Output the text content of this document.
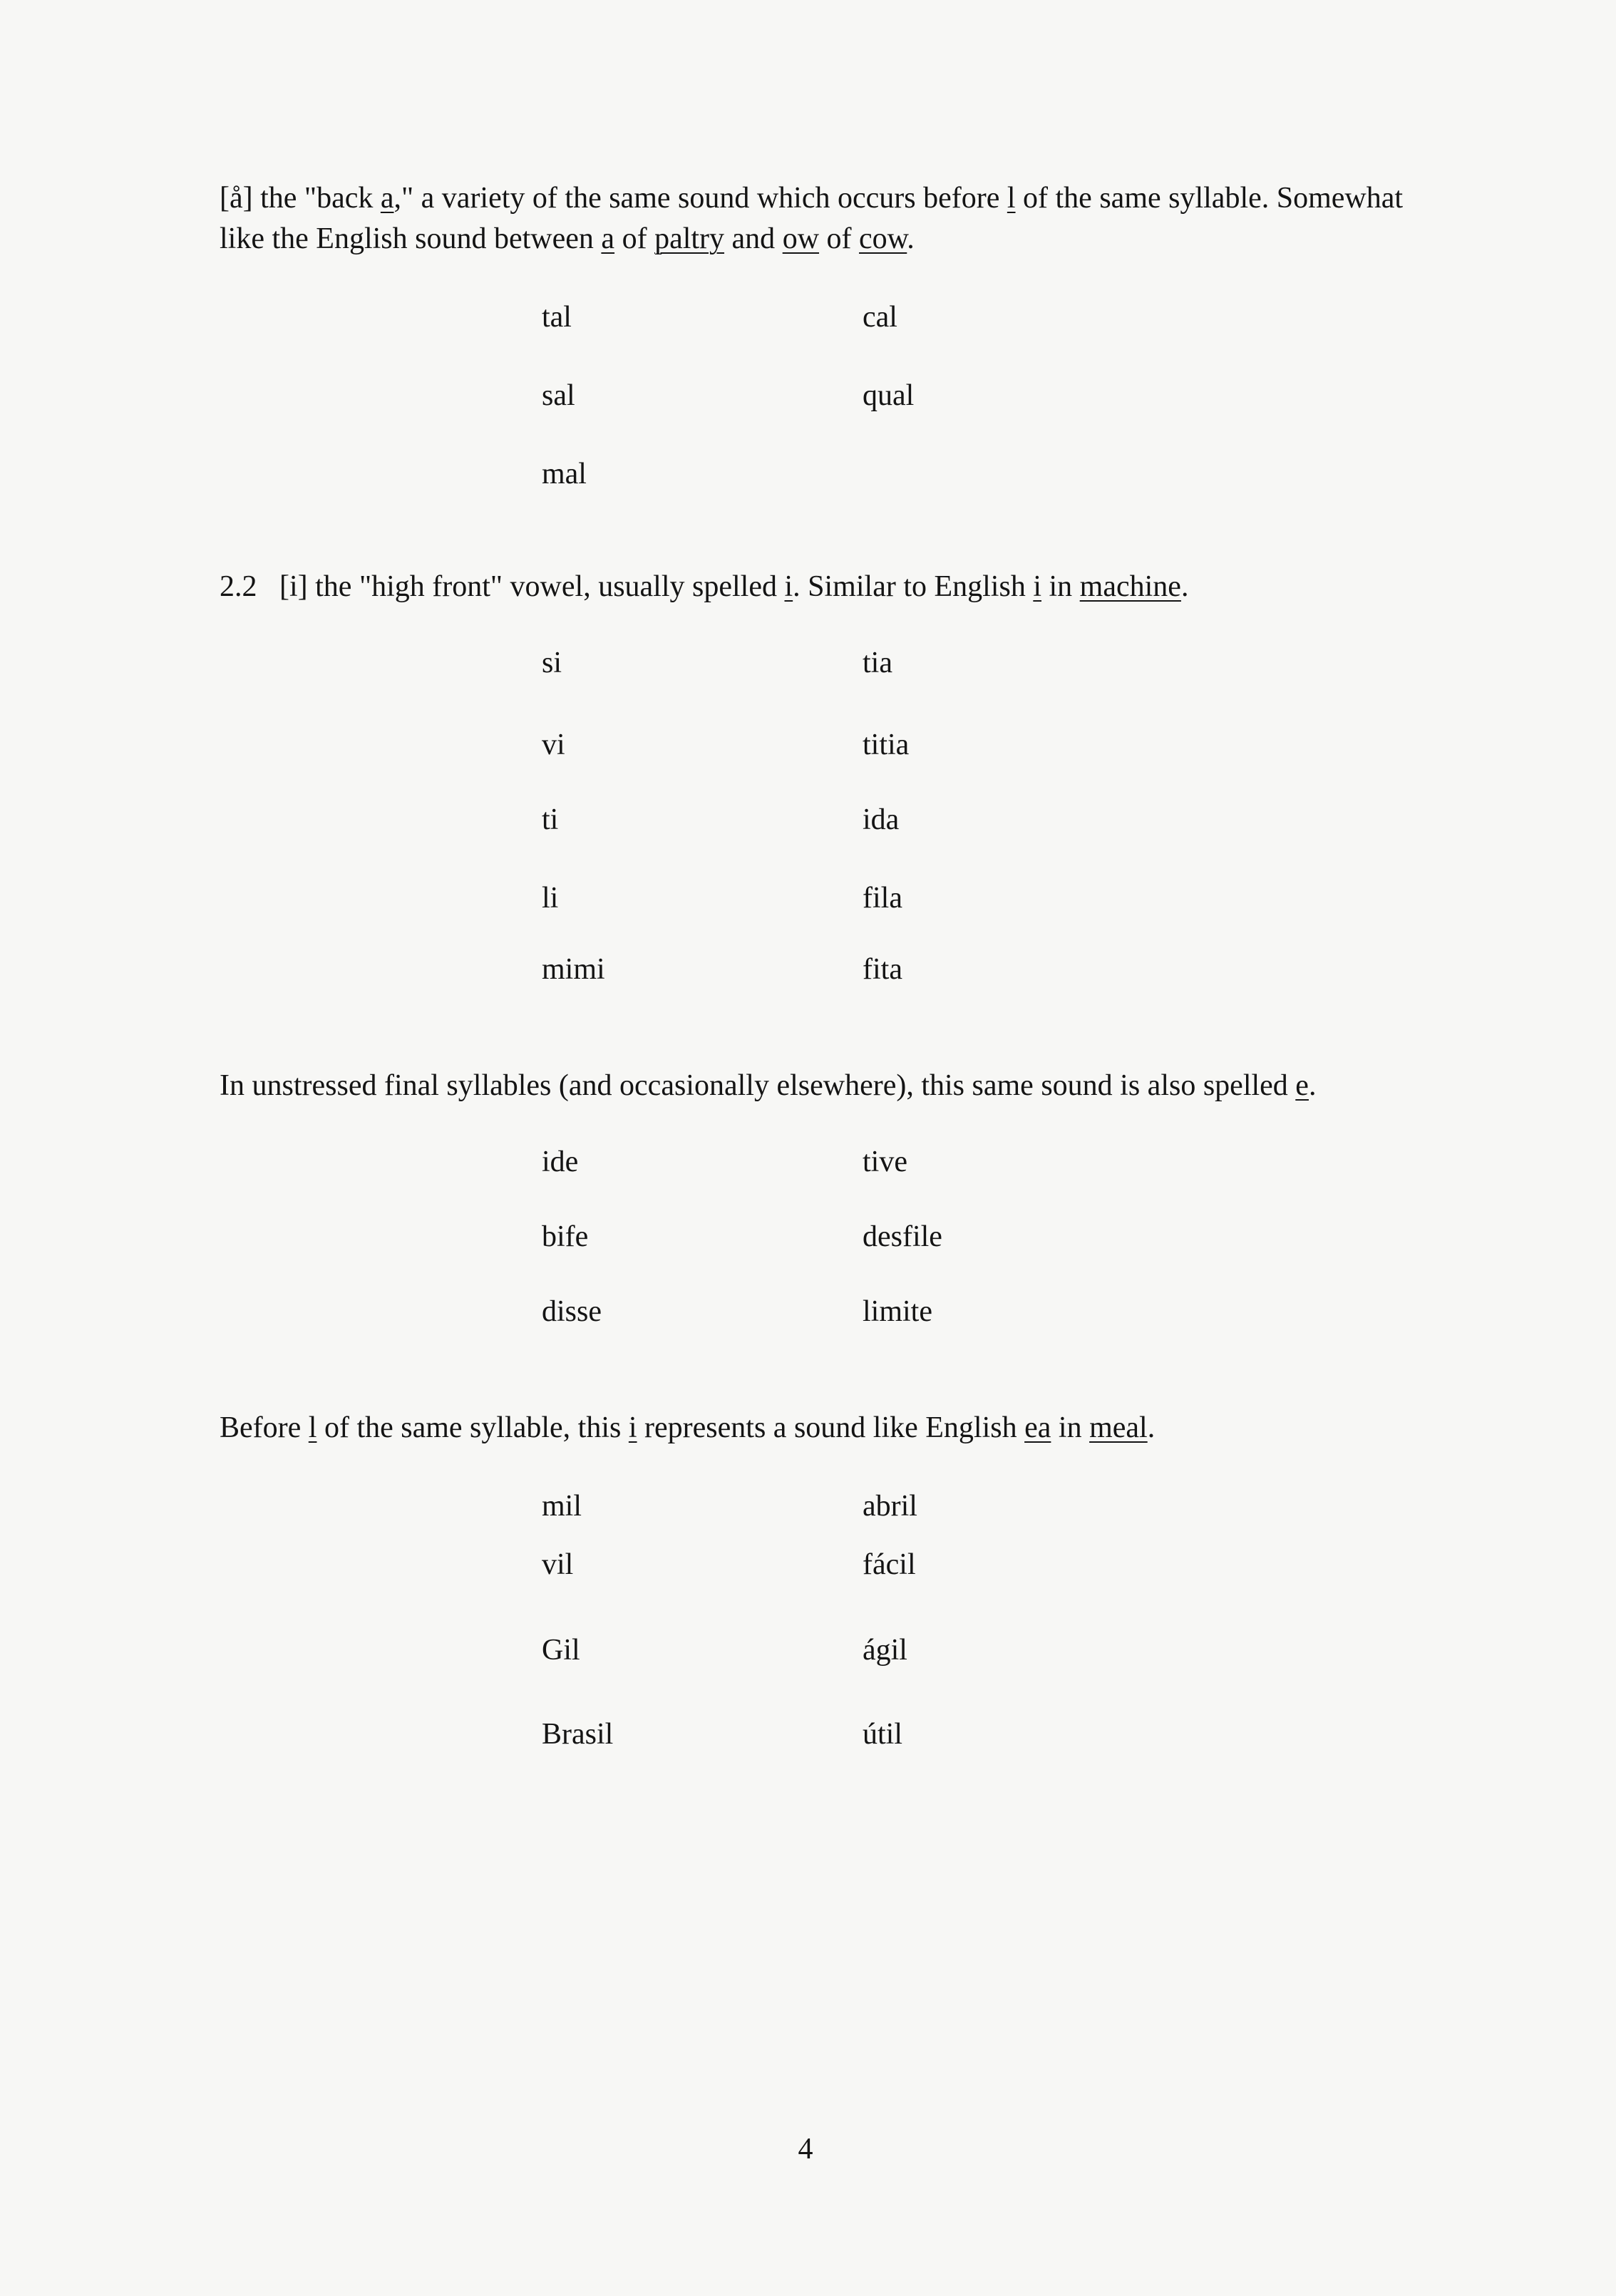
[å] the "back a," a variety of the same sound which occurs before l of the same syllable. Somewhat like the English sound between a of paltry and ow of cow.

tal	cal
sal	qual
mal

2.2   [i] the "high front" vowel, usually spelled i. Similar to English i in machine.

si	tia
vi	titia
ti	ida
li	fila
mimi	fita

In unstressed final syllables (and occasionally elsewhere), this same sound is also spelled e.

ide	tive
bife	desfile
disse	limite

Before l of the same syllable, this i represents a sound like English ea in meal.

mil	abril
vil	fácil
Gil	ágil
Brasil	útil
4
